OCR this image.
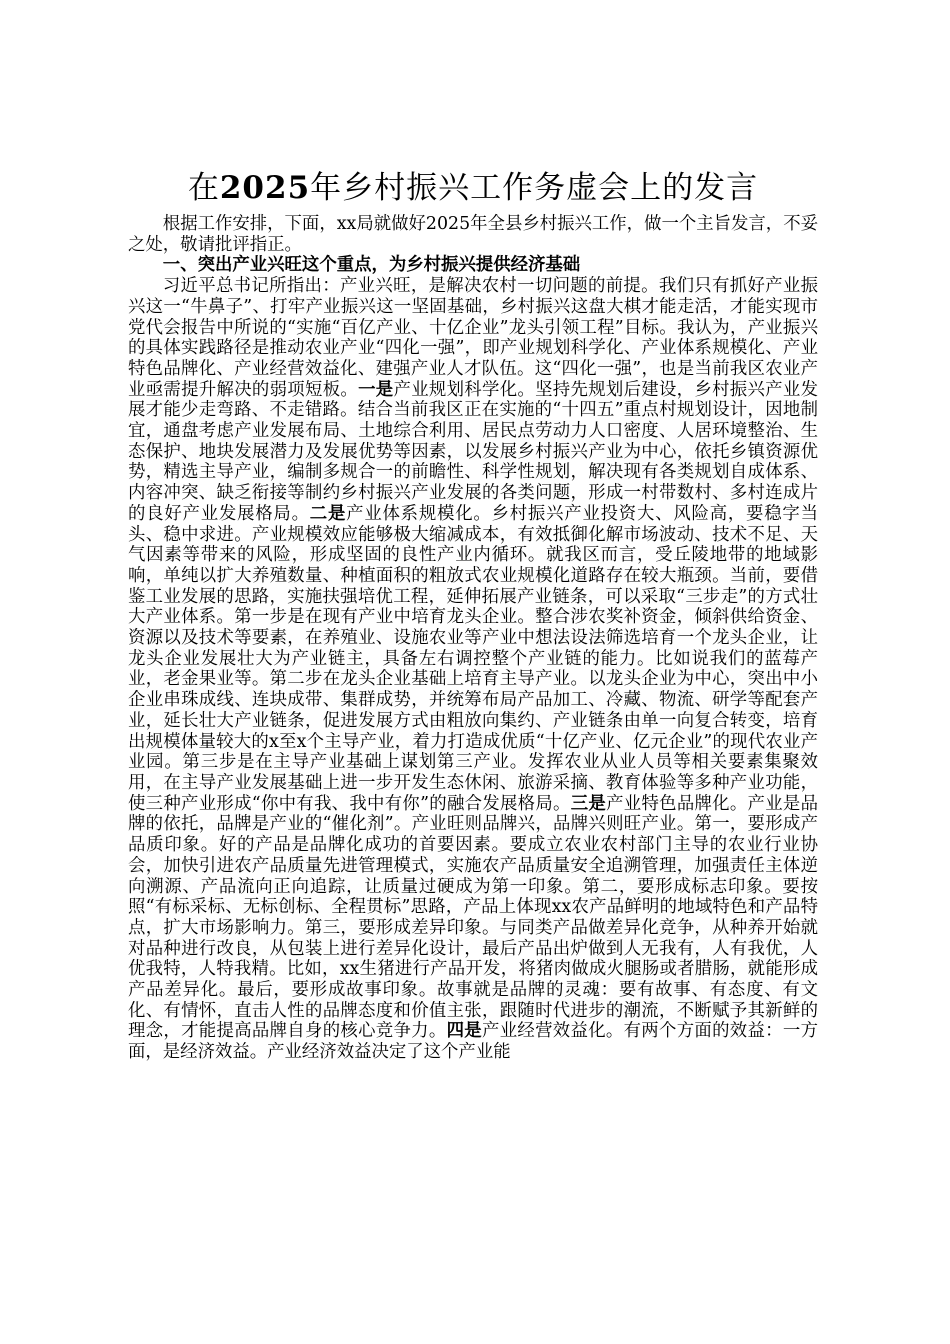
在2025年乡村振兴工作务虚会上的发言

根据工作安排，下面，xx局就做好2025年全县乡村振兴工作，做一个主旨发言，不妥之处，敬请批评指正。

一、突出产业兴旺这个重点，为乡村振兴提供经济基础

习近平总书记所指出：产业兴旺，是解决农村一切问题的前提。我们只有抓好产业振兴这一“牛鼻子”、打牢产业振兴这一坚固基础，乡村振兴这盘大棋才能走活，才能实现市党代会报告中所说的“实施“百亿产业、十亿企业”龙头引领工程”目标。我认为，产业振兴的具体实践路径是推动农业产业“四化一强”，即产业规划科学化、产业体系规模化、产业特色品牌化、产业经营效益化、建强产业人才队伍。这“四化一强”，也是当前我区农业产业亟需提升解决的弱项短板。一是产业规划科学化。坚持先规划后建设，乡村振兴产业发展才能少走弯路、不走错路。结合当前我区正在实施的“十四五”重点村规划设计，因地制宜，通盘考虑产业发展布局、土地综合利用、居民点劳动力人口密度、人居环境整治、生态保护、地块发展潜力及发展优势等因素，以发展乡村振兴产业为中心，依托乡镇资源优势，精选主导产业，编制多规合一的前瞻性、科学性规划，解决现有各类规划自成体系、内容冲突、缺乏衔接等制约乡村振兴产业发展的各类问题，形成一村带数村、多村连成片的良好产业发展格局。二是产业体系规模化。乡村振兴产业投资大、风险高，要稳字当头、稳中求进。产业规模效应能够极大缩减成本，有效抵御化解市场波动、技术不足、天气因素等带来的风险，形成坚固的良性产业内循环。就我区而言，受丘陵地带的地域影响，单纯以扩大养殖数量、种植面积的粗放式农业规模化道路存在较大瓶颈。当前，要借鉴工业发展的思路，实施扶强培优工程，延伸拓展产业链条，可以采取“三步走”的方式壮大产业体系。第一步是在现有产业中培育龙头企业。整合涉农奖补资金，倾斜供给资金、资源以及技术等要素，在养殖业、设施农业等产业中想法设法筛选培育一个龙头企业，让龙头企业发展壮大为产业链主，具备左右调控整个产业链的能力。比如说我们的蓝莓产业，老金果业等。第二步在龙头企业基础上培育主导产业。以龙头企业为中心，突出中小企业串珠成线、连块成带、集群成势，并统筹布局产品加工、冷藏、物流、研学等配套产业，延长壮大产业链条，促进发展方式由粗放向集约、产业链条由单一向复合转变，培育出规模体量较大的x至x个主导产业，着力打造成优质“十亿产业、亿元企业”的现代农业产业园。第三步是在主导产业基础上谋划第三产业。发挥农业从业人员等相关要素集聚效用，在主导产业发展基础上进一步开发生态休闲、旅游采摘、教育体验等多种产业功能，使三种产业形成“你中有我、我中有你”的融合发展格局。三是产业特色品牌化。产业是品牌的依托，品牌是产业的“催化剂”。产业旺则品牌兴，品牌兴则旺产业。第一，要形成产品质印象。好的产品是品牌化成功的首要因素。要成立农业农村部门主导的农业行业协会，加快引进农产品质量先进管理模式，实施农产品质量安全追溯管理，加强责任主体逆向溯源、产品流向正向追踪，让质量过硬成为第一印象。第二，要形成标志印象。要按照“有标采标、无标创标、全程贯标”思路，产品上体现xx农产品鲜明的地域特色和产品特点，扩大市场影响力。第三，要形成差异印象。与同类产品做差异化竞争，从种养开始就对品种进行改良，从包装上进行差异化设计，最后产品出炉做到人无我有，人有我优，人优我特，人特我精。比如，xx生猪进行产品开发，将猪肉做成火腿肠或者腊肠，就能形成产品差异化。最后，要形成故事印象。故事就是品牌的灵魂：要有故事、有态度、有文化、有情怀，直击人性的品牌态度和价值主张，跟随时代进步的潮流，不断赋予其新鲜的理念，才能提高品牌自身的核心竞争力。四是产业经营效益化。有两个方面的效益：一方面，是经济效益。产业经济效益决定了这个产业能
